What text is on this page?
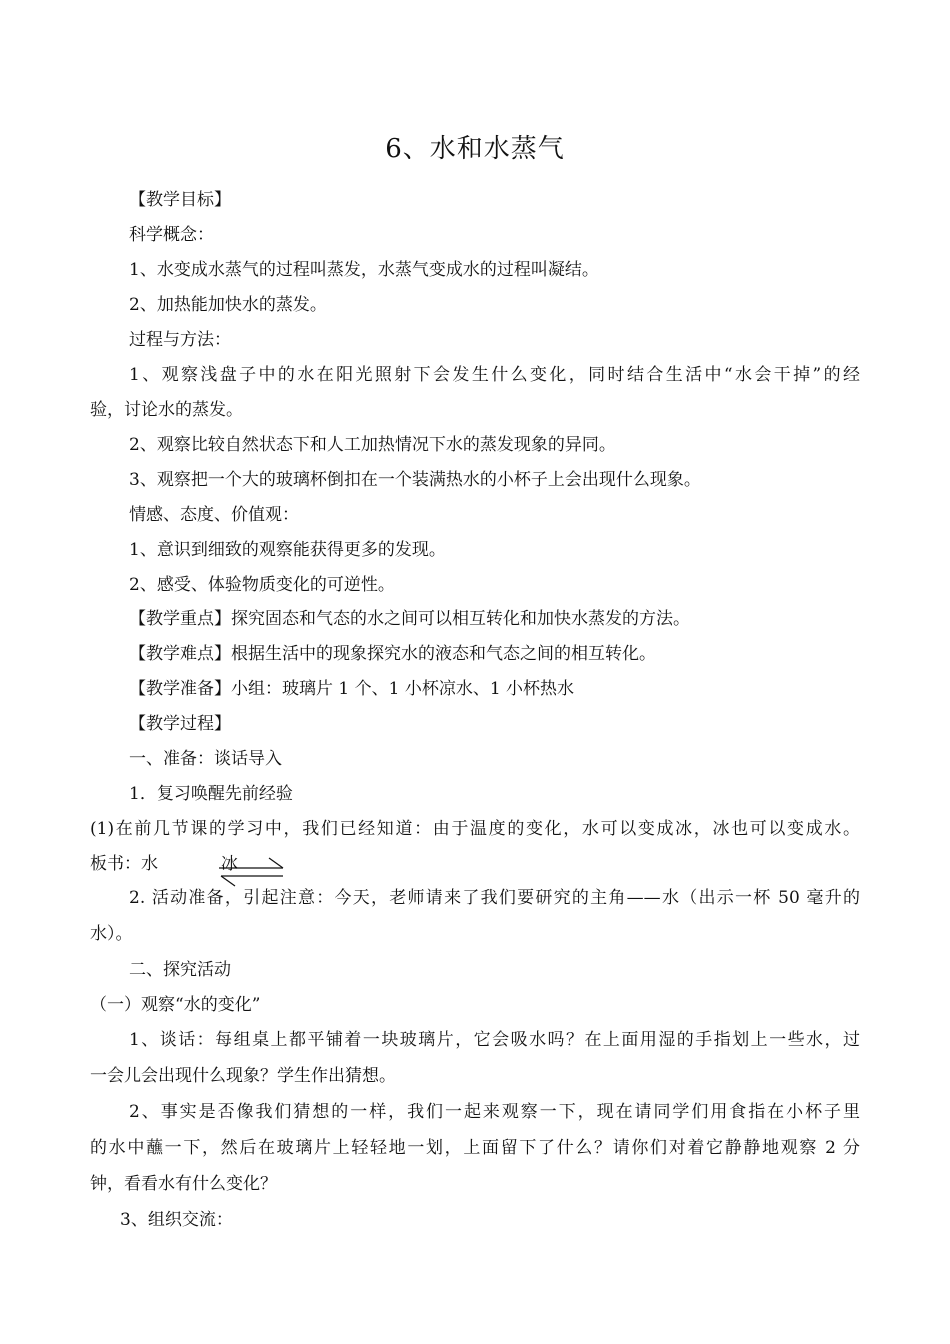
6、水和水蒸气
【教学目标】
科学概念：
1、水变成水蒸气的过程叫蒸发，水蒸气变成水的过程叫凝结。
2、加热能加快水的蒸发。
过程与方法：
1、观察浅盘子中的水在阳光照射下会发生什么变化，同时结合生活中“水会干掉”的经
验，讨论水的蒸发。
2、观察比较自然状态下和人工加热情况下水的蒸发现象的异同。
3、观察把一个大的玻璃杯倒扣在一个装满热水的小杯子上会出现什么现象。
情感、态度、价值观：
1、意识到细致的观察能获得更多的发现。
2、感受、体验物质变化的可逆性。
【教学重点】探究固态和气态的水之间可以相互转化和加快水蒸发的方法。
【教学难点】根据生活中的现象探究水的液态和气态之间的相互转化。
【教学准备】小组：玻璃片 1 个、1 小杯凉水、1 小杯热水
【教学过程】
一、准备：谈话导入
1．复习唤醒先前经验
(1)在前几节课的学习中，我们已经知道：由于温度的变化，水可以变成冰，冰也可以变成水。
板书：水	冰
2. 活动准备，引起注意：今天，老师请来了我们要研究的主角——水（出示一杯 50 毫升的
水）。
二、探究活动
（一）观察“水的变化”
1、谈话：每组桌上都平铺着一块玻璃片，它会吸水吗？在上面用湿的手指划上一些水，过
一会儿会出现什么现象？学生作出猜想。
2、事实是否像我们猜想的一样，我们一起来观察一下，现在请同学们用食指在小杯子里
的水中蘸一下，然后在玻璃片上轻轻地一划，上面留下了什么？请你们对着它静静地观察 2 分
钟，看看水有什么变化？
3、组织交流：
